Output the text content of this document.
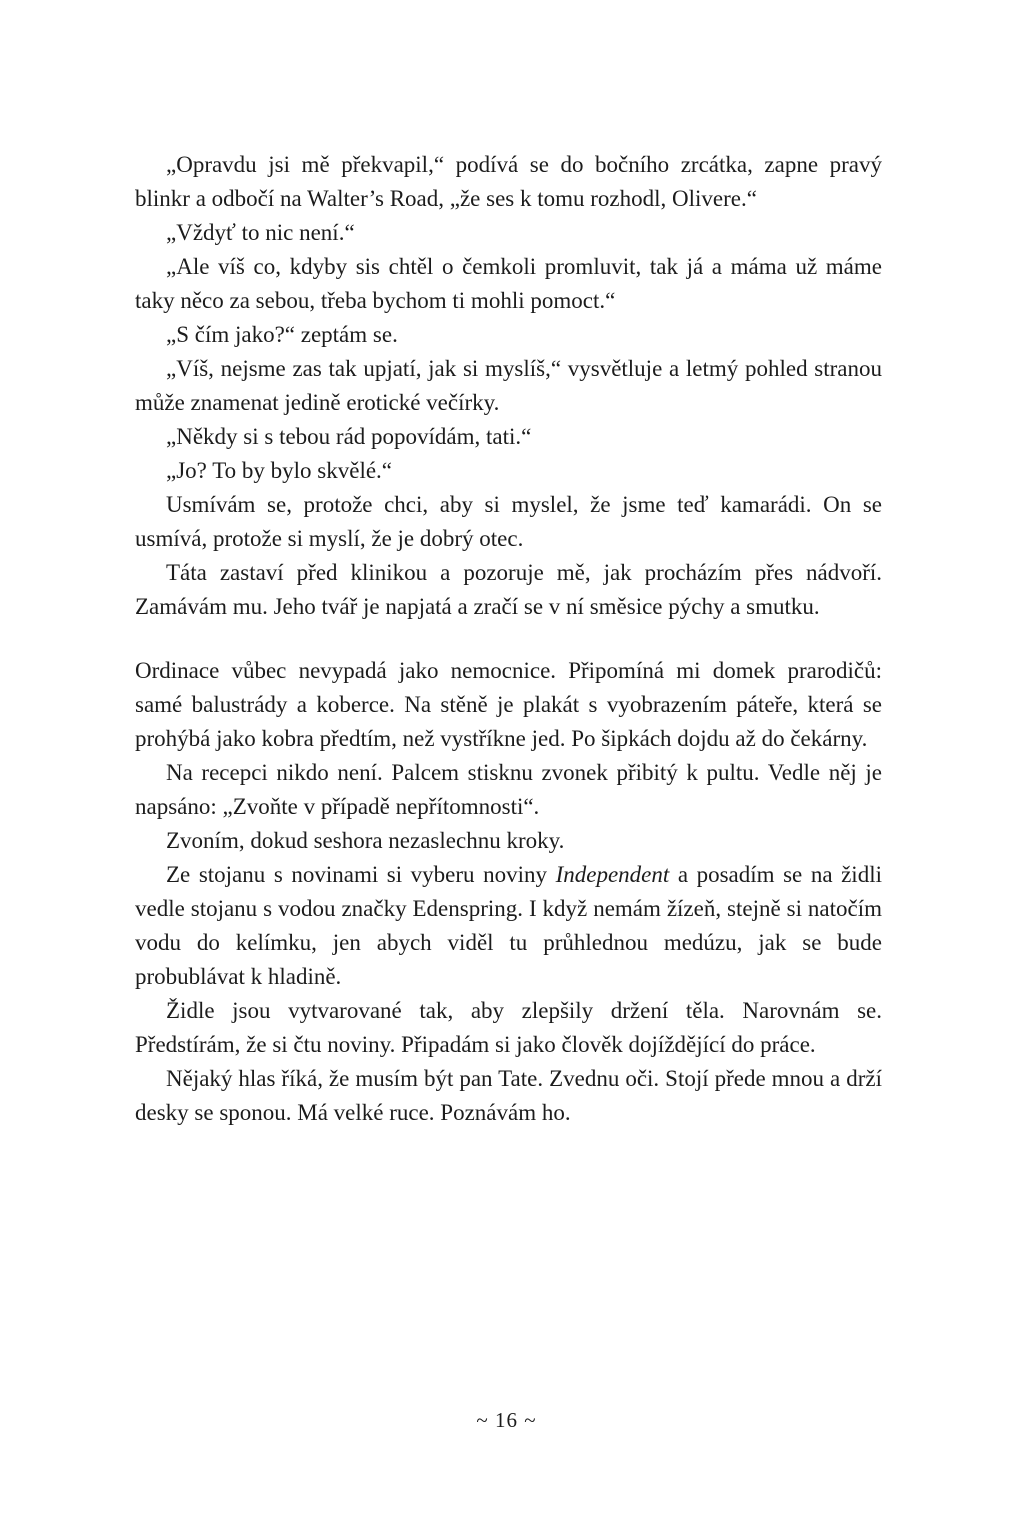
„Opravdu jsi mě překvapil,“ podívá se do bočního zrcátka, zapne pravý blinkr a odbočí na Walter’s Road, „že ses k tomu rozhodl, Olivere.“

„Vždyť to nic není.“

„Ale víš co, kdyby sis chtěl o čemkoli promluvit, tak já a máma už máme taky něco za sebou, třeba bychom ti mohli pomoct.“

„S čím jako?“ zeptám se.

„Víš, nejsme zas tak upjatí, jak si myslíš,“ vysvětluje a letmý pohled stranou může znamenat jedině erotické večírky.

„Někdy si s tebou rád popovídám, tati.“

„Jo? To by bylo skvělé.“

Usmívám se, protože chci, aby si myslel, že jsme teď kamarádi. On se usmívá, protože si myslí, že je dobrý otec.

Táta zastaví před klinikou a pozoruje mě, jak procházím přes nádvoří. Zamávám mu. Jeho tvář je napjatá a zračí se v ní směsice pýchy a smutku.

Ordinace vůbec nevypadá jako nemocnice. Připomíná mi domek prarodičů: samé balustrády a koberce. Na stěně je plakát s vyobrazením páteře, která se prohýbá jako kobra předtím, než vystříkne jed. Po šipkách dojdu až do čekárny.

Na recepci nikdo není. Palcem stisknu zvonek přibitý k pultu. Vedle něj je napsáno: „Zvoňte v případě nepřítomnosti“.

Zvoním, dokud seshora nezaslechnu kroky.

Ze stojanu s novinami si vyberu noviny Independent a posadím se na židli vedle stojanu s vodou značky Edenspring. I když nemám žízeň, stejně si natočím vodu do kelímku, jen abych viděl tu průhlednou medúzu, jak se bude probublávat k hladině.

Židle jsou vytvarované tak, aby zlepšily držení těla. Narovnám se. Předstírám, že si čtu noviny. Připadám si jako člověk dojíždějící do práce.

Nějaký hlas říká, že musím být pan Tate. Zvednu oči. Stojí přede mnou a drží desky se sponou. Má velké ruce. Poznávám ho.

~ 16 ~
